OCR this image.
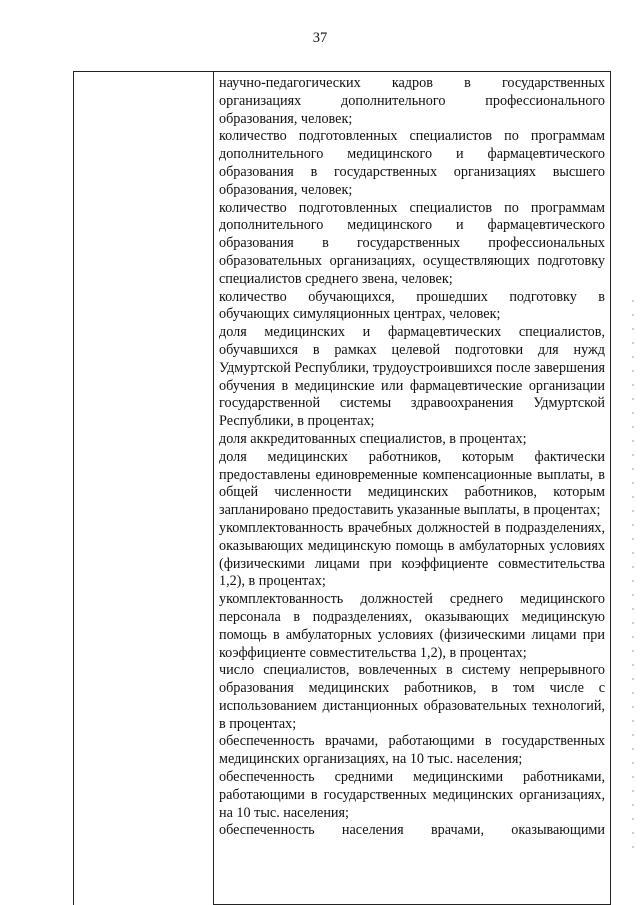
37

научно-педагогических кадров в государственных организациях дополнительного профессионального образования, человек;

количество подготовленных специалистов по программам дополнительного медицинского и фармацевтического образования в государственных организациях высшего образования, человек;

количество подготовленных специалистов по программам дополнительного медицинского и фармацевтического образования в государственных профессиональных образовательных организациях, осуществляющих подготовку специалистов среднего звена, человек;

количество обучающихся, прошедших подготовку в обучающих симуляционных центрах, человек;

доля медицинских и фармацевтических специалистов, обучавшихся в рамках целевой подготовки для нужд Удмуртской Республики, трудоустроившихся после завершения обучения в медицинские или фармацевтические организации государственной системы здравоохранения Удмуртской Республики, в процентах;

доля аккредитованных специалистов, в процентах;

доля медицинских работников, которым фактически предоставлены единовременные компенсационные выплаты, в общей численности медицинских работников, которым запланировано предоставить указанные выплаты, в процентах;

укомплектованность врачебных должностей в подразделениях, оказывающих медицинскую помощь в амбулаторных условиях (физическими лицами при коэффициенте совместительства 1,2), в процентах;

укомплектованность должностей среднего медицинского персонала в подразделениях, оказывающих медицинскую помощь в амбулаторных условиях (физическими лицами при коэффициенте совместительства 1,2), в процентах;

число специалистов, вовлеченных в систему непрерывного образования медицинских работников, в том числе с использованием дистанционных образовательных технологий, в процентах;

обеспеченность врачами, работающими в государственных медицинских организациях, на 10 тыс. населения;

обеспеченность средними медицинскими работниками, работающими в государственных медицинских организациях, на 10 тыс. населения;

обеспеченность населения врачами, оказывающими
